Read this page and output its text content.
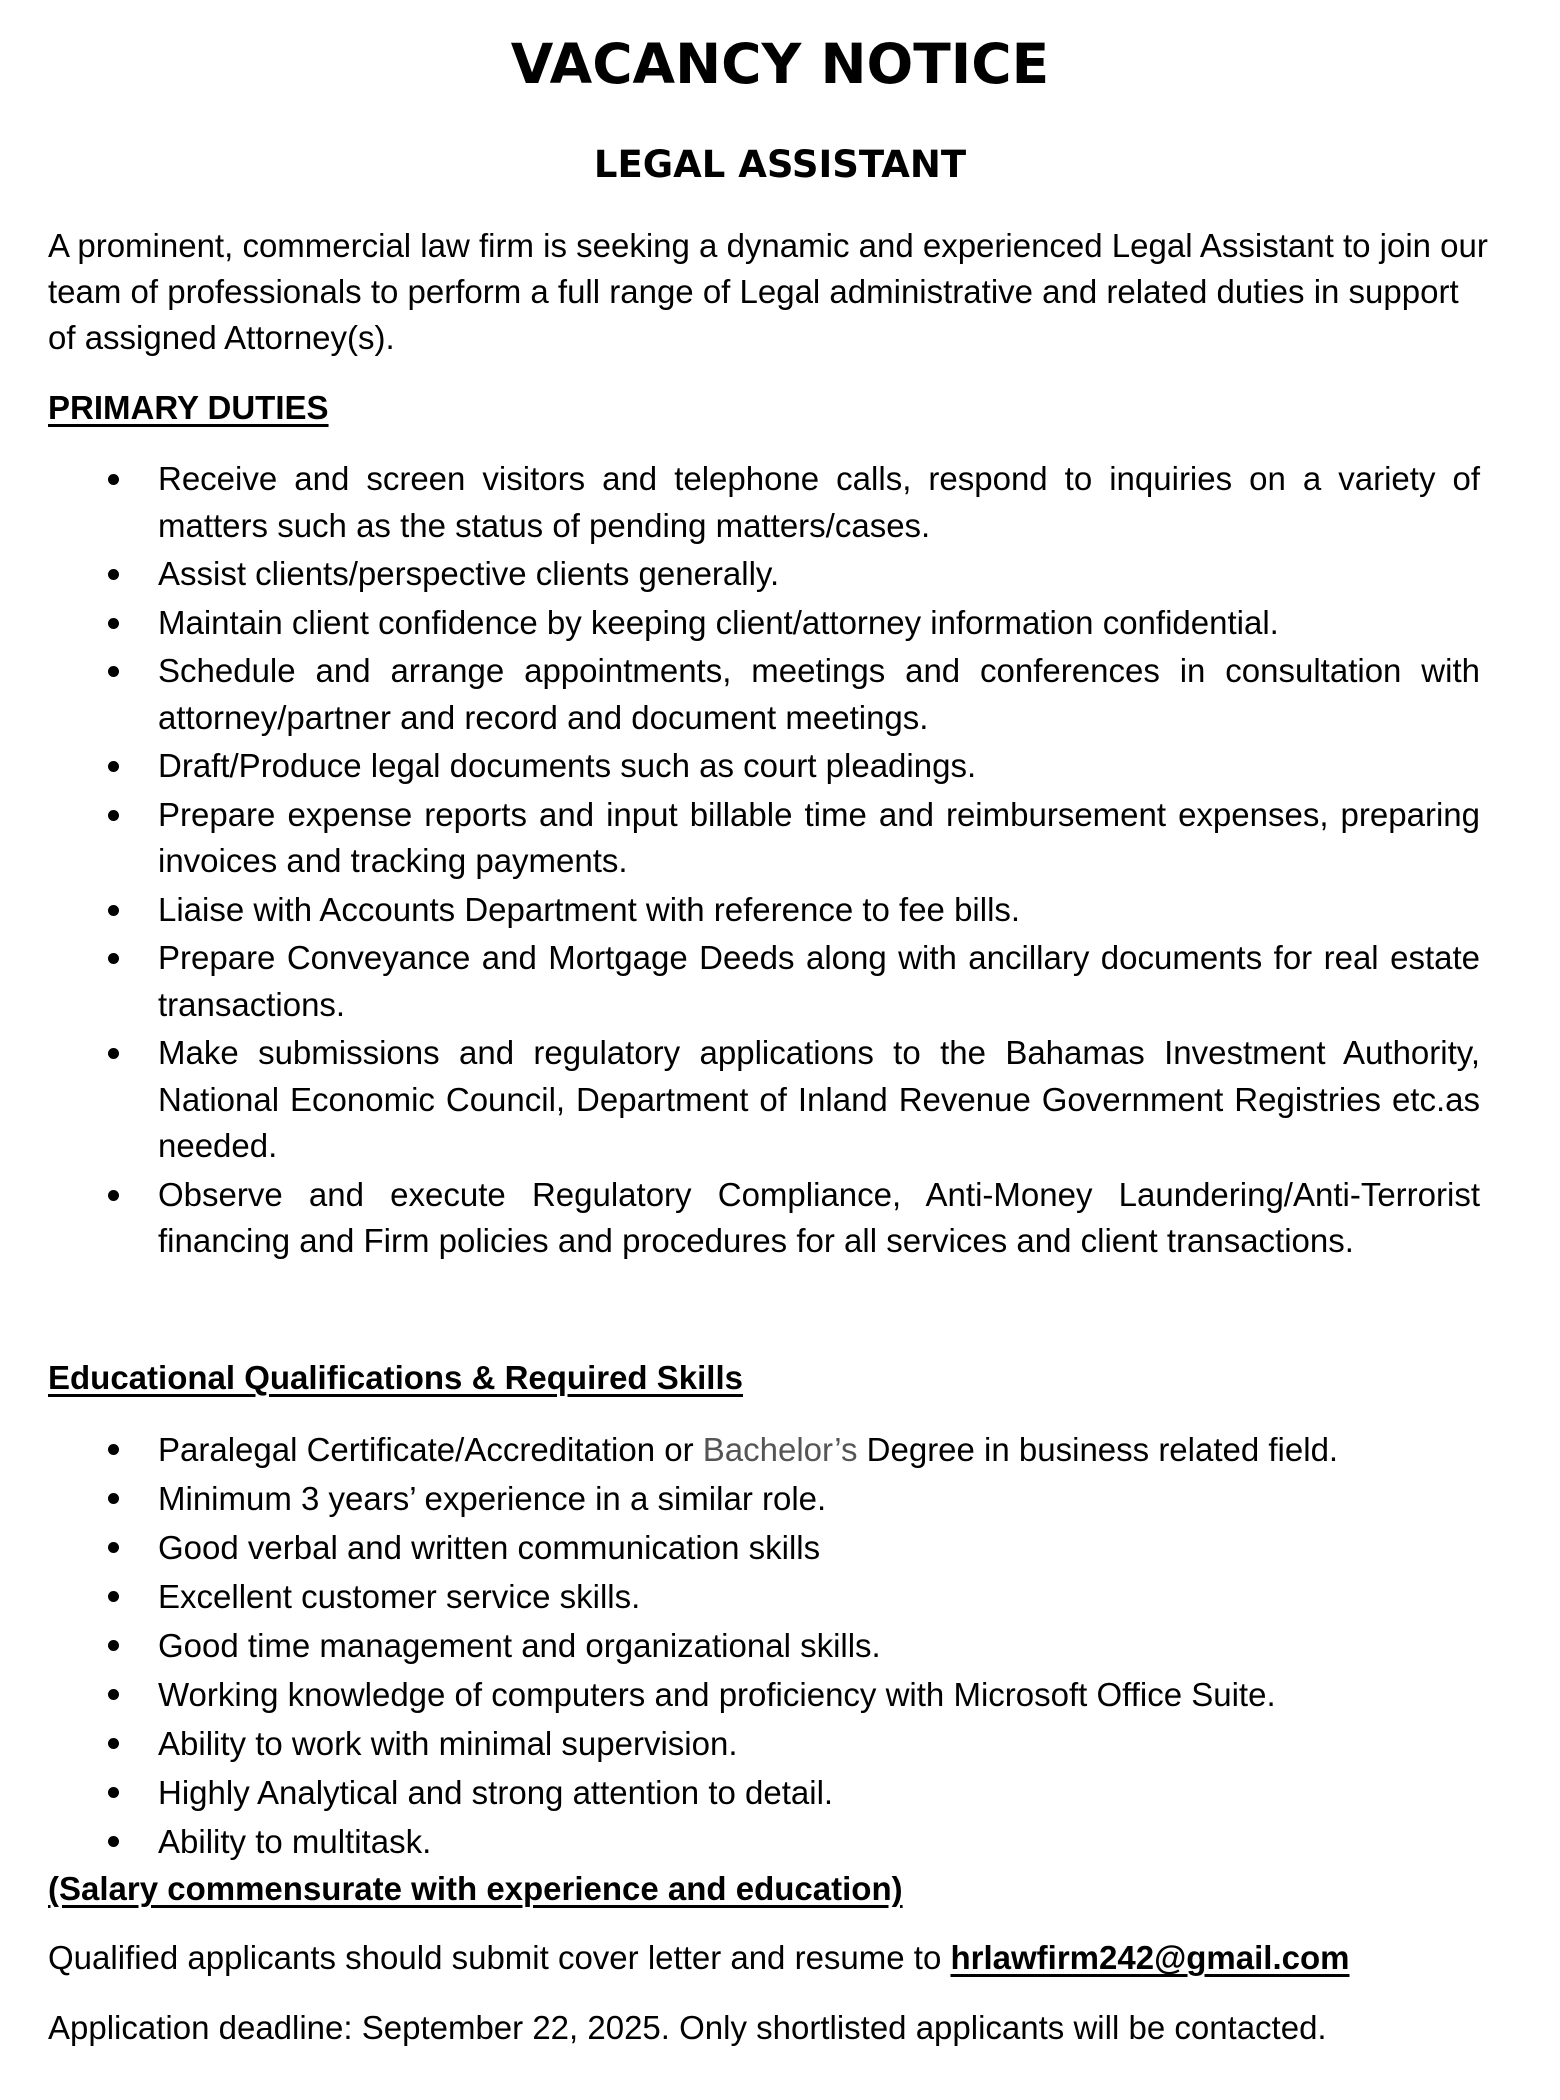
VACANCY NOTICE
LEGAL ASSISTANT
A prominent, commercial law firm is seeking a dynamic and experienced Legal Assistant to join our team of professionals to perform a full range of Legal administrative and related duties in support of assigned Attorney(s).
PRIMARY DUTIES
Receive and screen visitors and telephone calls, respond to inquiries on a variety of matters such as the status of pending matters/cases.
Assist clients/perspective clients generally.
Maintain client confidence by keeping client/attorney information confidential.
Schedule and arrange appointments, meetings and conferences in consultation with attorney/partner and record and document meetings.
Draft/Produce legal documents such as court pleadings.
Prepare expense reports and input billable time and reimbursement expenses, preparing invoices and tracking payments.
Liaise with Accounts Department with reference to fee bills.
Prepare Conveyance and Mortgage Deeds along with ancillary documents for real estate transactions.
Make submissions and regulatory applications to the Bahamas Investment Authority, National Economic Council, Department of Inland Revenue Government Registries etc.as needed.
Observe and execute Regulatory Compliance, Anti-Money Laundering/Anti-Terrorist financing and Firm policies and procedures for all services and client transactions.
Educational Qualifications & Required Skills
Paralegal Certificate/Accreditation or Bachelor’s Degree in business related field.
Minimum 3 years’ experience in a similar role.
Good verbal and written communication skills
Excellent customer service skills.
Good time management and organizational skills.
Working knowledge of computers and proficiency with Microsoft Office Suite.
Ability to work with minimal supervision.
Highly Analytical and strong attention to detail.
Ability to multitask.
(Salary commensurate with experience and education)
Qualified applicants should submit cover letter and resume to hrlawfirm242@gmail.com
Application deadline: September 22, 2025. Only shortlisted applicants will be contacted.
